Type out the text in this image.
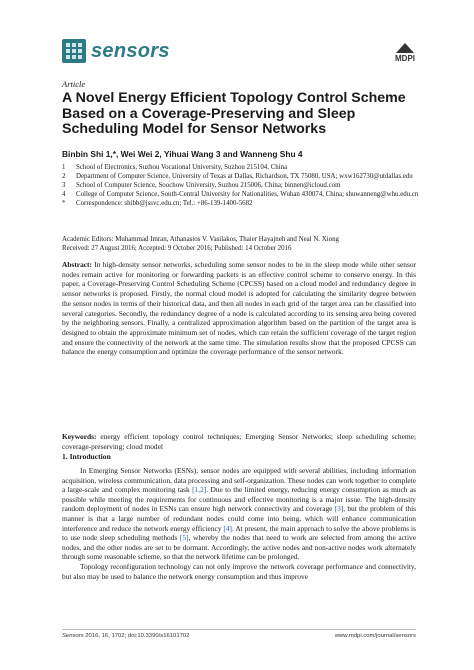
sensors	MDPI
Article
A Novel Energy Efficient Topology Control Scheme Based on a Coverage-Preserving and Sleep Scheduling Model for Sensor Networks
Binbin Shi 1,*, Wei Wei 2, Yihuai Wang 3 and Wanneng Shu 4
1	School of Electronics, Suzhou Vocational University, Suzhou 215104, China
2	Department of Computer Science, University of Texas at Dallas, Richardson, TX 75080, USA; wxw162730@utdallas.edu
3	School of Computer Science, Soochow University, Suzhou 215006, China; binnen@icloud.com
4	College of Computer Science, South-Central University for Nationalities, Wuhan 430074, China; shuwanneng@whu.edu.cn
*	Correspondence: shibb@jssvc.edu.cn; Tel.: +86-139-1400-5682
Academic Editors: Muhammad Imran, Athanasios V. Vasilakos, Thaier Hayajneh and Neal N. Xiong
Received: 27 August 2016; Accepted: 9 October 2016; Published: 14 October 2016
Abstract: In high-density sensor networks, scheduling some sensor nodes to be in the sleep mode while other sensor nodes remain active for monitoring or forwarding packets is an effective control scheme to conserve energy. In this paper, a Coverage-Preserving Control Scheduling Scheme (CPCSS) based on a cloud model and redundancy degree in sensor networks is proposed. Firstly, the normal cloud model is adopted for calculating the similarity degree between the sensor nodes in terms of their historical data, and then all nodes in each grid of the target area can be classified into several categories. Secondly, the redundancy degree of a node is calculated according to its sensing area being covered by the neighboring sensors. Finally, a centralized approximation algorithm based on the partition of the target area is designed to obtain the approximate minimum set of nodes, which can retain the sufficient coverage of the target region and ensure the connectivity of the network at the same time. The simulation results show that the proposed CPCSS can balance the energy consumption and optimize the coverage performance of the sensor network.
Keywords: energy efficient topology control techniques; Emerging Sensor Networks; sleep scheduling scheme; coverage-preserving; cloud model
1. Introduction

In Emerging Sensor Networks (ESNs), sensor nodes are equipped with several abilities, including information acquisition, wireless communication, data processing and self-organization. These nodes can work together to complete a large-scale and complex monitoring task [1,2]. Due to the limited energy, reducing energy consumption as much as possible while meeting the requirements for continuous and effective monitoring is a major issue. The high-density random deployment of nodes in ESNs can ensure high network connectivity and coverage [3], but the problem of this manner is that a large number of redundant nodes could come into being, which will enhance communication interference and reduce the network energy efficiency [4]. At present, the main approach to solve the above problems is to use node sleep scheduling methods [5], whereby the nodes that need to work are selected from among the active nodes, and the other nodes are set to be dormant. Accordingly, the active nodes and non-active nodes work alternately through some reasonable scheme, so that the network lifetime can be prolonged.

Topology reconfiguration technology can not only improve the network coverage performance and connectivity, but also may be used to balance the network energy consumption and thus improve

Sensors 2016, 16, 1702; doi:10.3390/s16101702	www.mdpi.com/journal/sensors
